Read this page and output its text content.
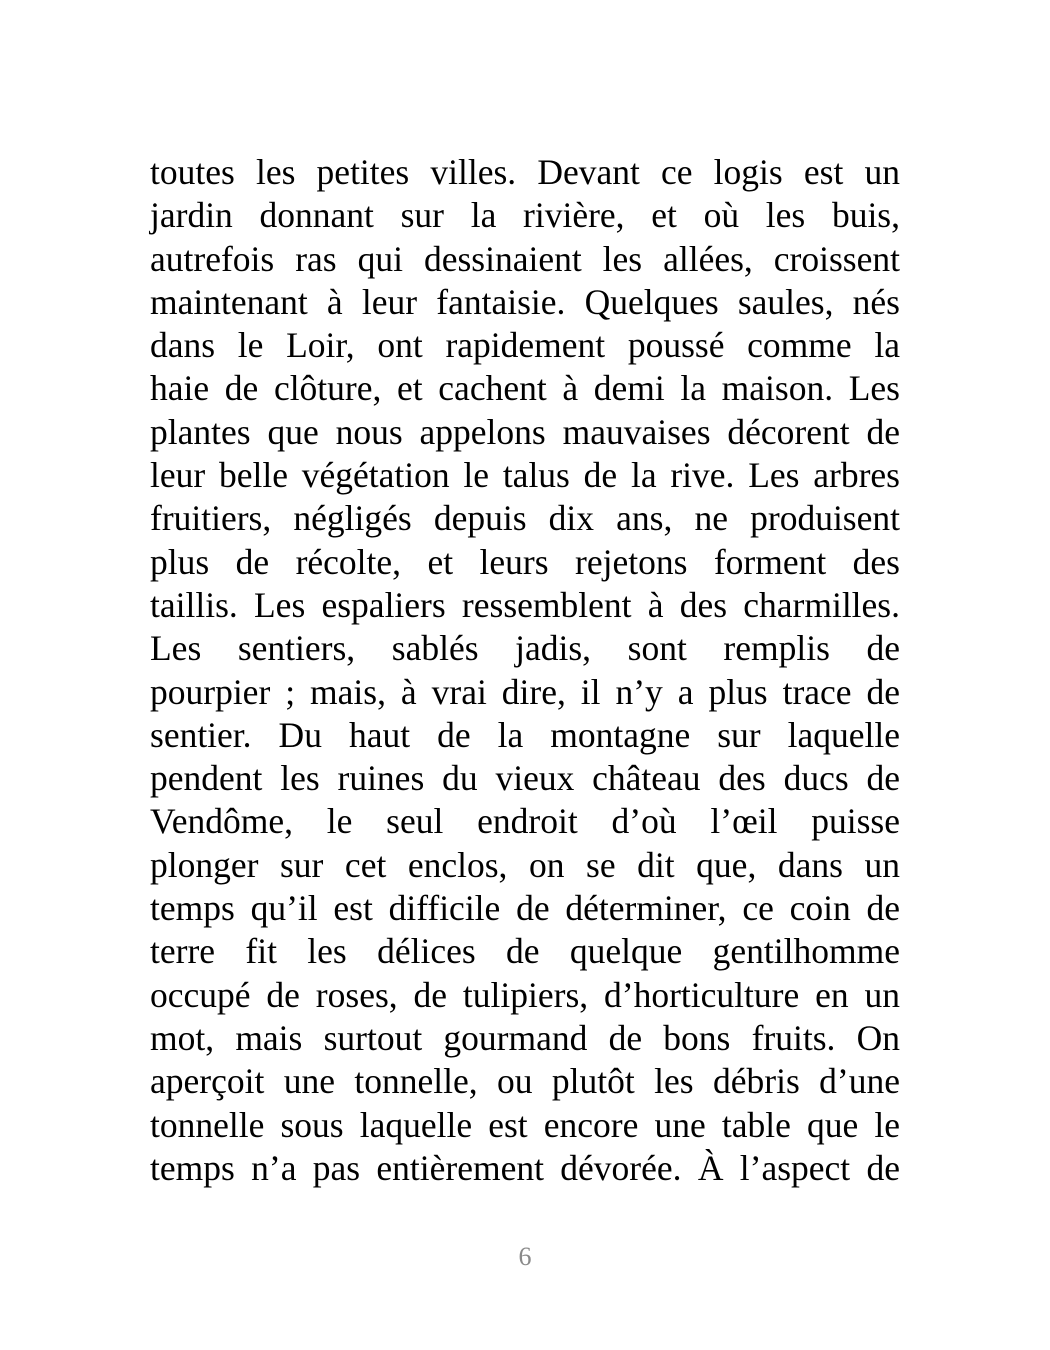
toutes les petites villes. Devant ce logis est un
jardin donnant sur la rivière, et où les buis,
autrefois ras qui dessinaient les allées, croissent
maintenant à leur fantaisie. Quelques saules, nés
dans le Loir, ont rapidement poussé comme la
haie de clôture, et cachent à demi la maison. Les
plantes que nous appelons mauvaises décorent de
leur belle végétation le talus de la rive. Les arbres
fruitiers, négligés depuis dix ans, ne produisent
plus de récolte, et leurs rejetons forment des
taillis. Les espaliers ressemblent à des charmilles.
Les sentiers, sablés jadis, sont remplis de
pourpier ; mais, à vrai dire, il n’y a plus trace de
sentier. Du haut de la montagne sur laquelle
pendent les ruines du vieux château des ducs de
Vendôme, le seul endroit d’où l’œil puisse
plonger sur cet enclos, on se dit que, dans un
temps qu’il est difficile de déterminer, ce coin de
terre fit les délices de quelque gentilhomme
occupé de roses, de tulipiers, d’horticulture en un
mot, mais surtout gourmand de bons fruits. On
aperçoit une tonnelle, ou plutôt les débris d’une
tonnelle sous laquelle est encore une table que le
temps n’a pas entièrement dévorée. À l’aspect de
6
